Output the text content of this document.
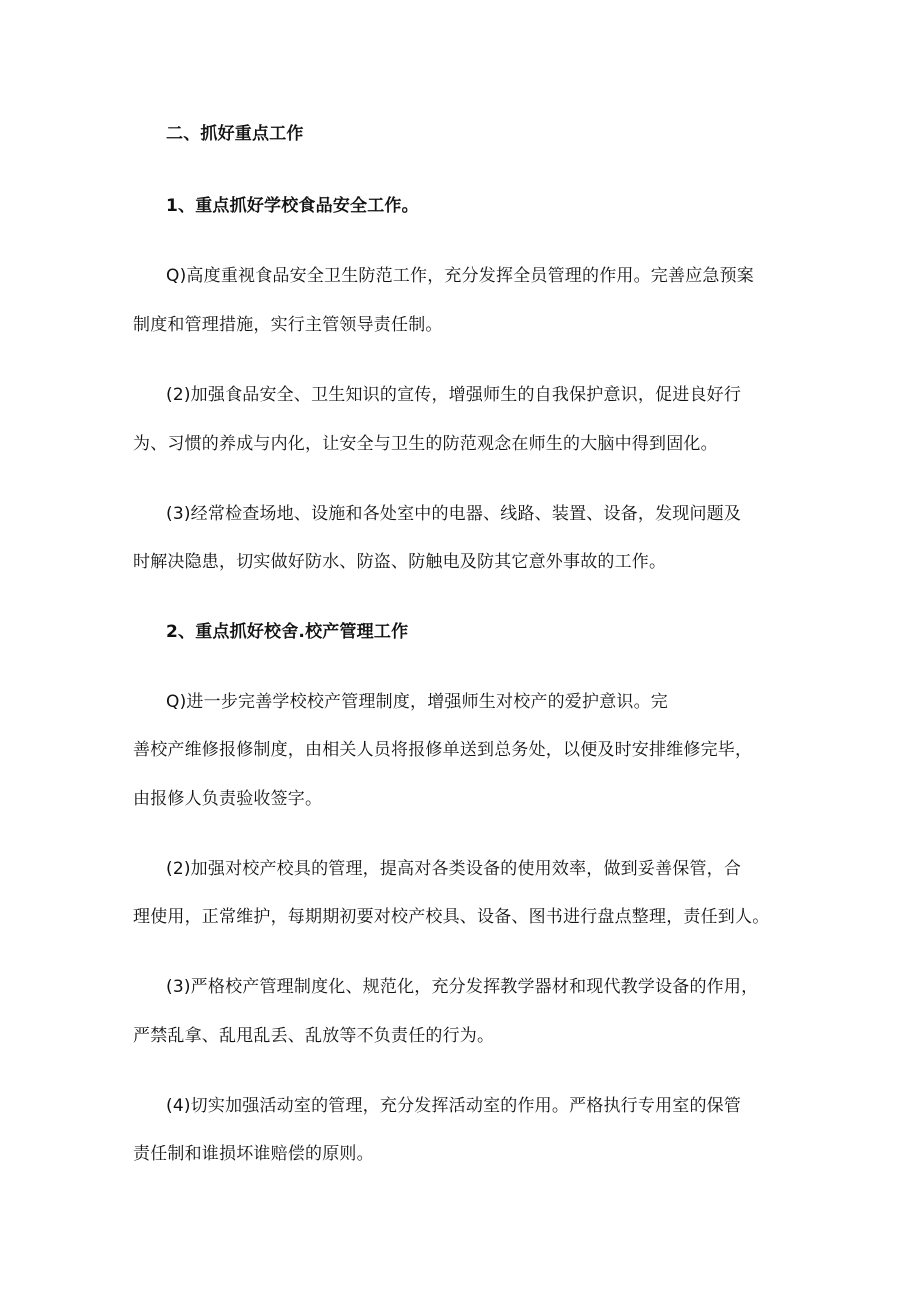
二、抓好重点工作
1、重点抓好学校食品安全工作。
Q)高度重视食品安全卫生防范工作，充分发挥全员管理的作用。完善应急预案
制度和管理措施，实行主管领导责任制。
(2)加强食品安全、卫生知识的宣传，增强师生的自我保护意识，促进良好行
为、习惯的养成与内化，让安全与卫生的防范观念在师生的大脑中得到固化。
(3)经常检查场地、设施和各处室中的电器、线路、装置、设备，发现问题及
时解决隐患，切实做好防水、防盗、防触电及防其它意外事故的工作。
2、重点抓好校舍.校产管理工作
Q)进一步完善学校校产管理制度，增强师生对校产的爱护意识。完
善校产维修报修制度，由相关人员将报修单送到总务处，以便及时安排维修完毕，
由报修人负责验收签字。
(2)加强对校产校具的管理，提高对各类设备的使用效率，做到妥善保管，合
理使用，正常维护，每期期初要对校产校具、设备、图书进行盘点整理，责任到人。
(3)严格校产管理制度化、规范化，充分发挥教学器材和现代教学设备的作用，
严禁乱拿、乱甩乱丢、乱放等不负责任的行为。
(4)切实加强活动室的管理，充分发挥活动室的作用。严格执行专用室的保管
责任制和谁损坏谁赔偿的原则。
